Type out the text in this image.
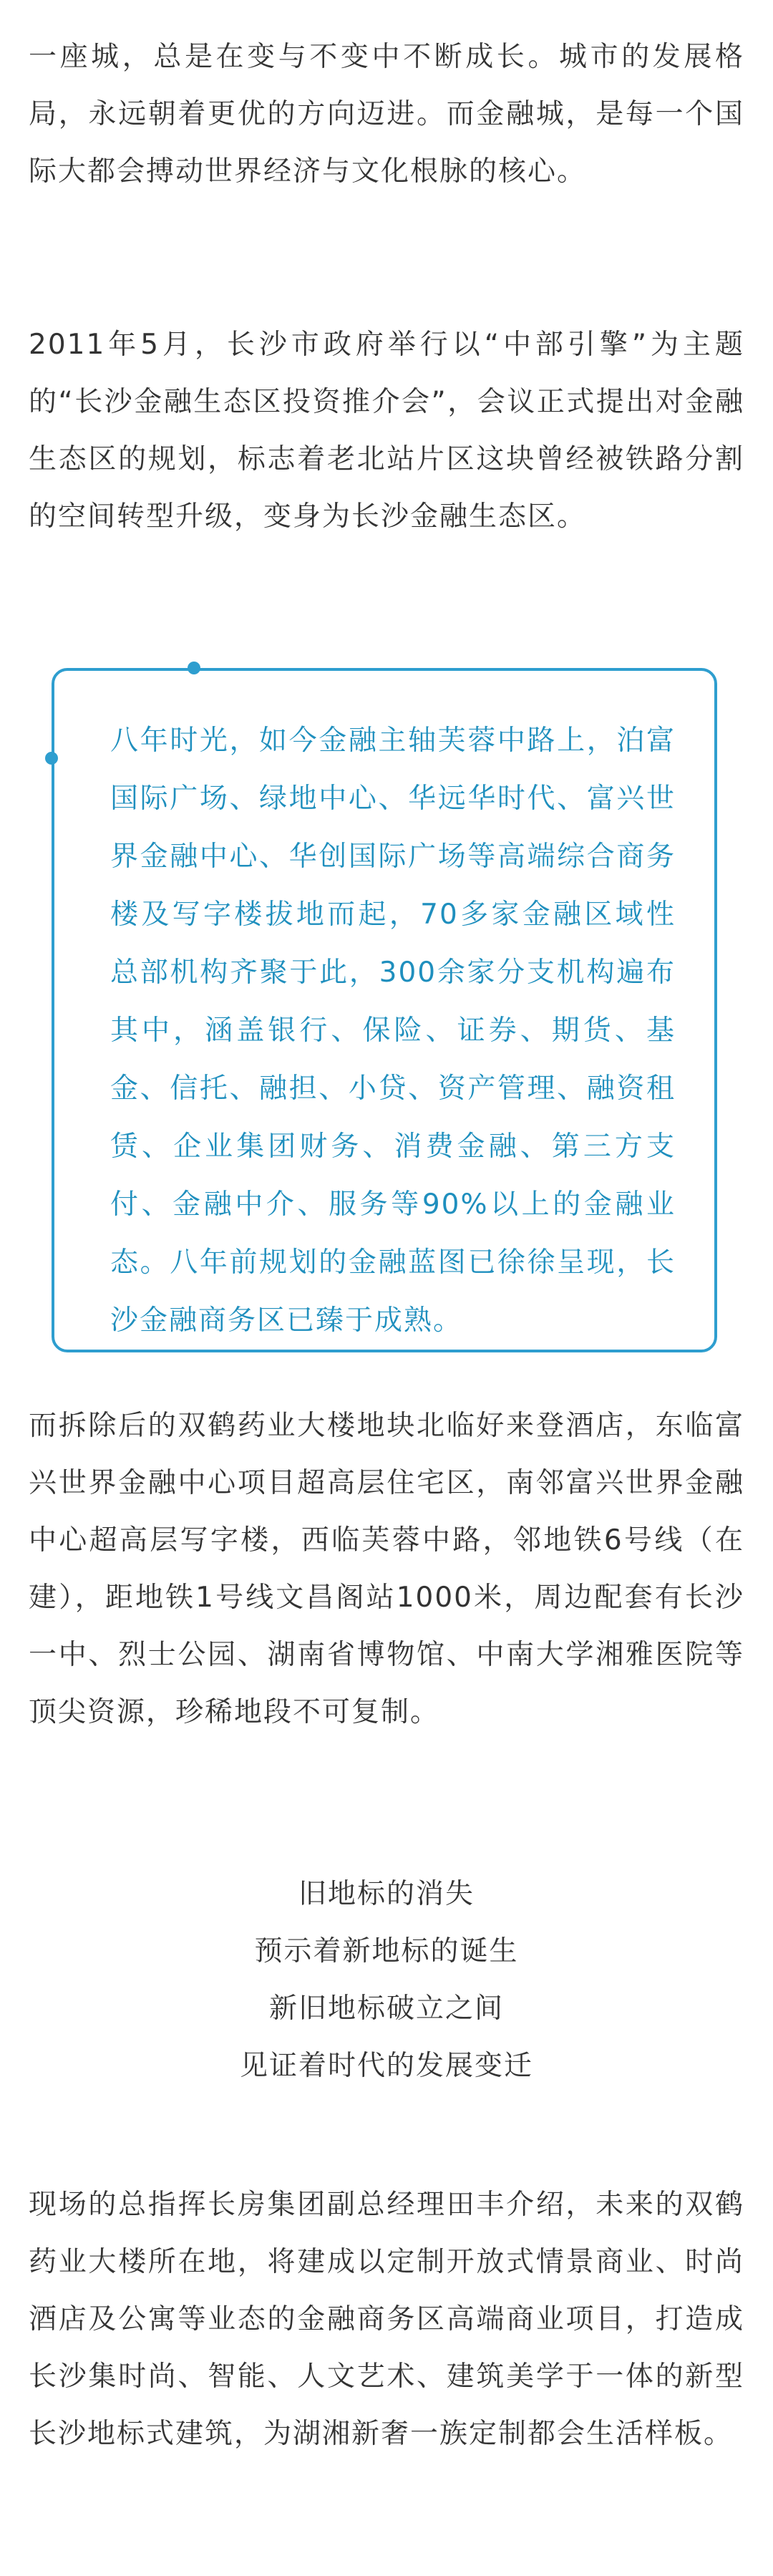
一座城，总是在变与不变中不断成长。城市的发展格局，永远朝着更优的方向迈进。而金融城，是每一个国际大都会搏动世界经济与文化根脉的核心。

2011年5月，长沙市政府举行以“中部引擎”为主题的“长沙金融生态区投资推介会”，会议正式提出对金融生态区的规划，标志着老北站片区这块曾经被铁路分割的空间转型升级，变身为长沙金融生态区。

八年时光，如今金融主轴芙蓉中路上，泊富国际广场、绿地中心、华远华时代、富兴世界金融中心、华创国际广场等高端综合商务楼及写字楼拔地而起，70多家金融区域性总部机构齐聚于此，300余家分支机构遍布其中，涵盖银行、保险、证券、期货、基金、信托、融担、小贷、资产管理、融资租赁、企业集团财务、消费金融、第三方支付、金融中介、服务等90%以上的金融业态。八年前规划的金融蓝图已徐徐呈现，长沙金融商务区已臻于成熟。

而拆除后的双鹤药业大楼地块北临好来登酒店，东临富兴世界金融中心项目超高层住宅区，南邻富兴世界金融中心超高层写字楼，西临芙蓉中路，邻地铁6号线（在建），距地铁1号线文昌阁站1000米，周边配套有长沙一中、烈士公园、湖南省博物馆、中南大学湘雅医院等顶尖资源，珍稀地段不可复制。

旧地标的消失
预示着新地标的诞生
新旧地标破立之间
见证着时代的发展变迁

现场的总指挥长房集团副总经理田丰介绍，未来的双鹤药业大楼所在地，将建成以定制开放式情景商业、时尚酒店及公寓等业态的金融商务区高端商业项目，打造成长沙集时尚、智能、人文艺术、建筑美学于一体的新型长沙地标式建筑，为湖湘新奢一族定制都会生活样板。
